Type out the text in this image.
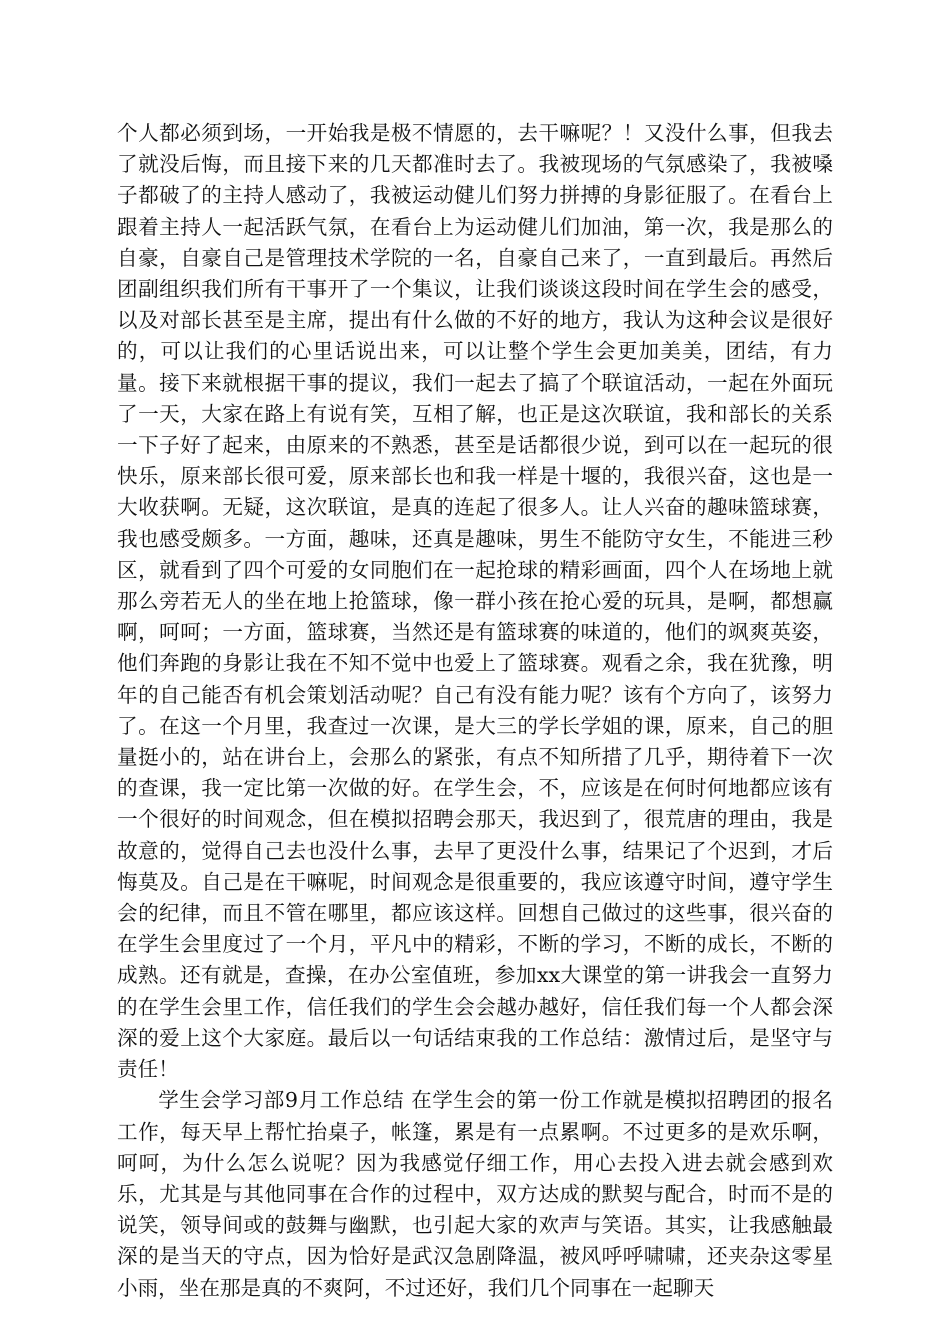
个人都必须到场，一开始我是极不情愿的，去干嘛呢？！又没什么事，但我去了就没后悔，而且接下来的几天都准时去了。我被现场的气氛感染了，我被嗓子都破了的主持人感动了，我被运动健儿们努力拼搏的身影征服了。在看台上跟着主持人一起活跃气氛，在看台上为运动健儿们加油，第一次，我是那么的自豪，自豪自己是管理技术学院的一名，自豪自己来了，一直到最后。再然后团副组织我们所有干事开了一个集议，让我们谈谈这段时间在学生会的感受，以及对部长甚至是主席，提出有什么做的不好的地方，我认为这种会议是很好的，可以让我们的心里话说出来，可以让整个学生会更加美美，团结，有力量。接下来就根据干事的提议，我们一起去了搞了个联谊活动，一起在外面玩了一天，大家在路上有说有笑，互相了解，也正是这次联谊，我和部长的关系一下子好了起来，由原来的不熟悉，甚至是话都很少说，到可以在一起玩的很快乐，原来部长很可爱，原来部长也和我一样是十堰的，我很兴奋，这也是一大收获啊。无疑，这次联谊，是真的连起了很多人。让人兴奋的趣味篮球赛，我也感受颇多。一方面，趣味，还真是趣味，男生不能防守女生，不能进三秒区，就看到了四个可爱的女同胞们在一起抢球的精彩画面，四个人在场地上就那么旁若无人的坐在地上抢篮球，像一群小孩在抢心爱的玩具，是啊，都想赢啊，呵呵；一方面，篮球赛，当然还是有篮球赛的味道的，他们的飒爽英姿，他们奔跑的身影让我在不知不觉中也爱上了篮球赛。观看之余，我在犹豫，明年的自己能否有机会策划活动呢？自己有没有能力呢？该有个方向了，该努力了。在这一个月里，我查过一次课，是大三的学长学姐的课，原来，自己的胆量挺小的，站在讲台上，会那么的紧张，有点不知所措了几乎，期待着下一次的查课，我一定比第一次做的好。在学生会，不，应该是在何时何地都应该有一个很好的时间观念，但在模拟招聘会那天，我迟到了，很荒唐的理由，我是故意的，觉得自己去也没什么事，去早了更没什么事，结果记了个迟到，才后悔莫及。自己是在干嘛呢，时间观念是很重要的，我应该遵守时间，遵守学生会的纪律，而且不管在哪里，都应该这样。回想自己做过的这些事，很兴奋的在学生会里度过了一个月，平凡中的精彩，不断的学习，不断的成长，不断的成熟。还有就是，查操，在办公室值班，参加xx大课堂的第一讲我会一直努力的在学生会里工作，信任我们的学生会会越办越好，信任我们每一个人都会深深的爱上这个大家庭。最后以一句话结束我的工作总结：激情过后，是坚守与责任！

学生会学习部9月工作总结 在学生会的第一份工作就是模拟招聘团的报名工作，每天早上帮忙抬桌子，帐篷，累是有一点累啊。不过更多的是欢乐啊，呵呵，为什么怎么说呢？因为我感觉仔细工作，用心去投入进去就会感到欢乐，尤其是与其他同事在合作的过程中，双方达成的默契与配合，时而不是的说笑，领导间或的鼓舞与幽默，也引起大家的欢声与笑语。其实，让我感触最深的是当天的守点，因为恰好是武汉急剧降温，被风呼呼啸啸，还夹杂这零星小雨，坐在那是真的不爽阿，不过还好，我们几个同事在一起聊天
